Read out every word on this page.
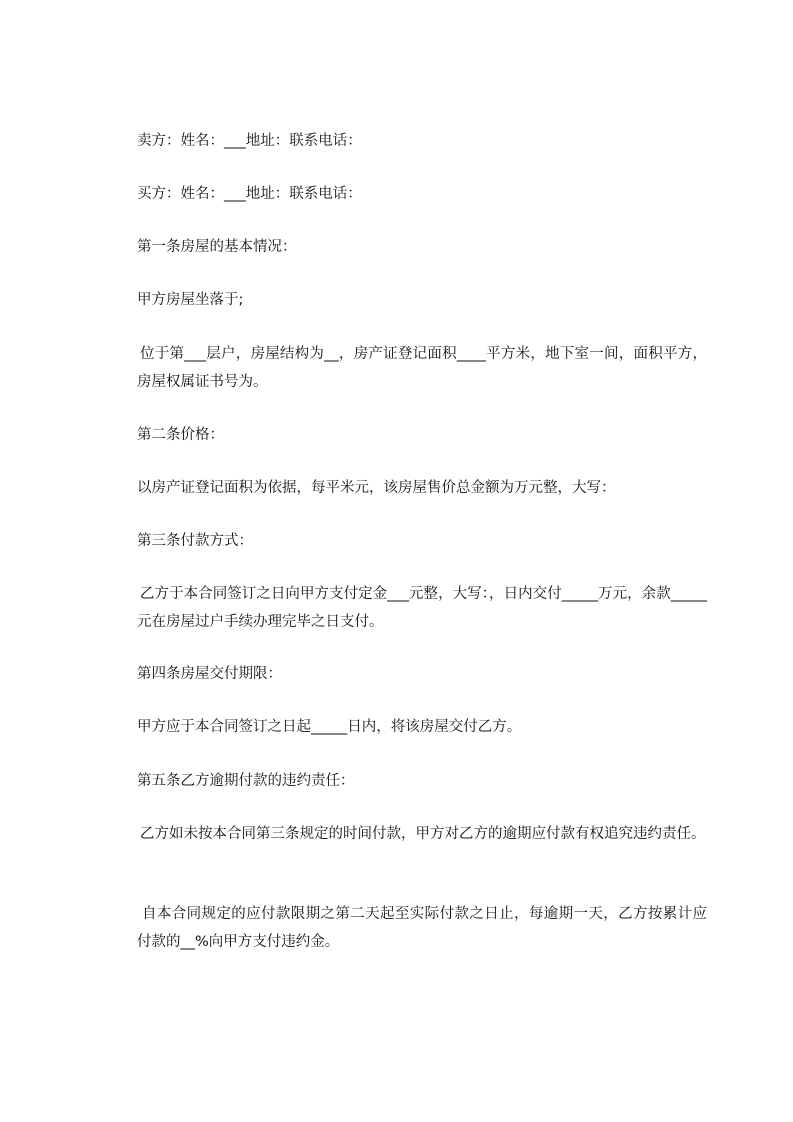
卖方：姓名：___地址：联系电话：

买方：姓名：___地址：联系电话：

第一条房屋的基本情况：

甲方房屋坐落于;

位于第___层户，房屋结构为__，房产证登记面积____平方米，地下室一间，面积平方，房屋权属证书号为。

第二条价格：

以房产证登记面积为依据，每平米元，该房屋售价总金额为万元整，大写：

第三条付款方式：

乙方于本合同签订之日向甲方支付定金___元整，大写：，日内交付_____万元，余款_____元在房屋过户手续办理完毕之日支付。

第四条房屋交付期限：

甲方应于本合同签订之日起_____日内，将该房屋交付乙方。

第五条乙方逾期付款的违约责任：

乙方如未按本合同第三条规定的时间付款，甲方对乙方的逾期应付款有权追究违约责任。

自本合同规定的应付款限期之第二天起至实际付款之日止，每逾期一天，乙方按累计应付款的__%向甲方支付违约金。
